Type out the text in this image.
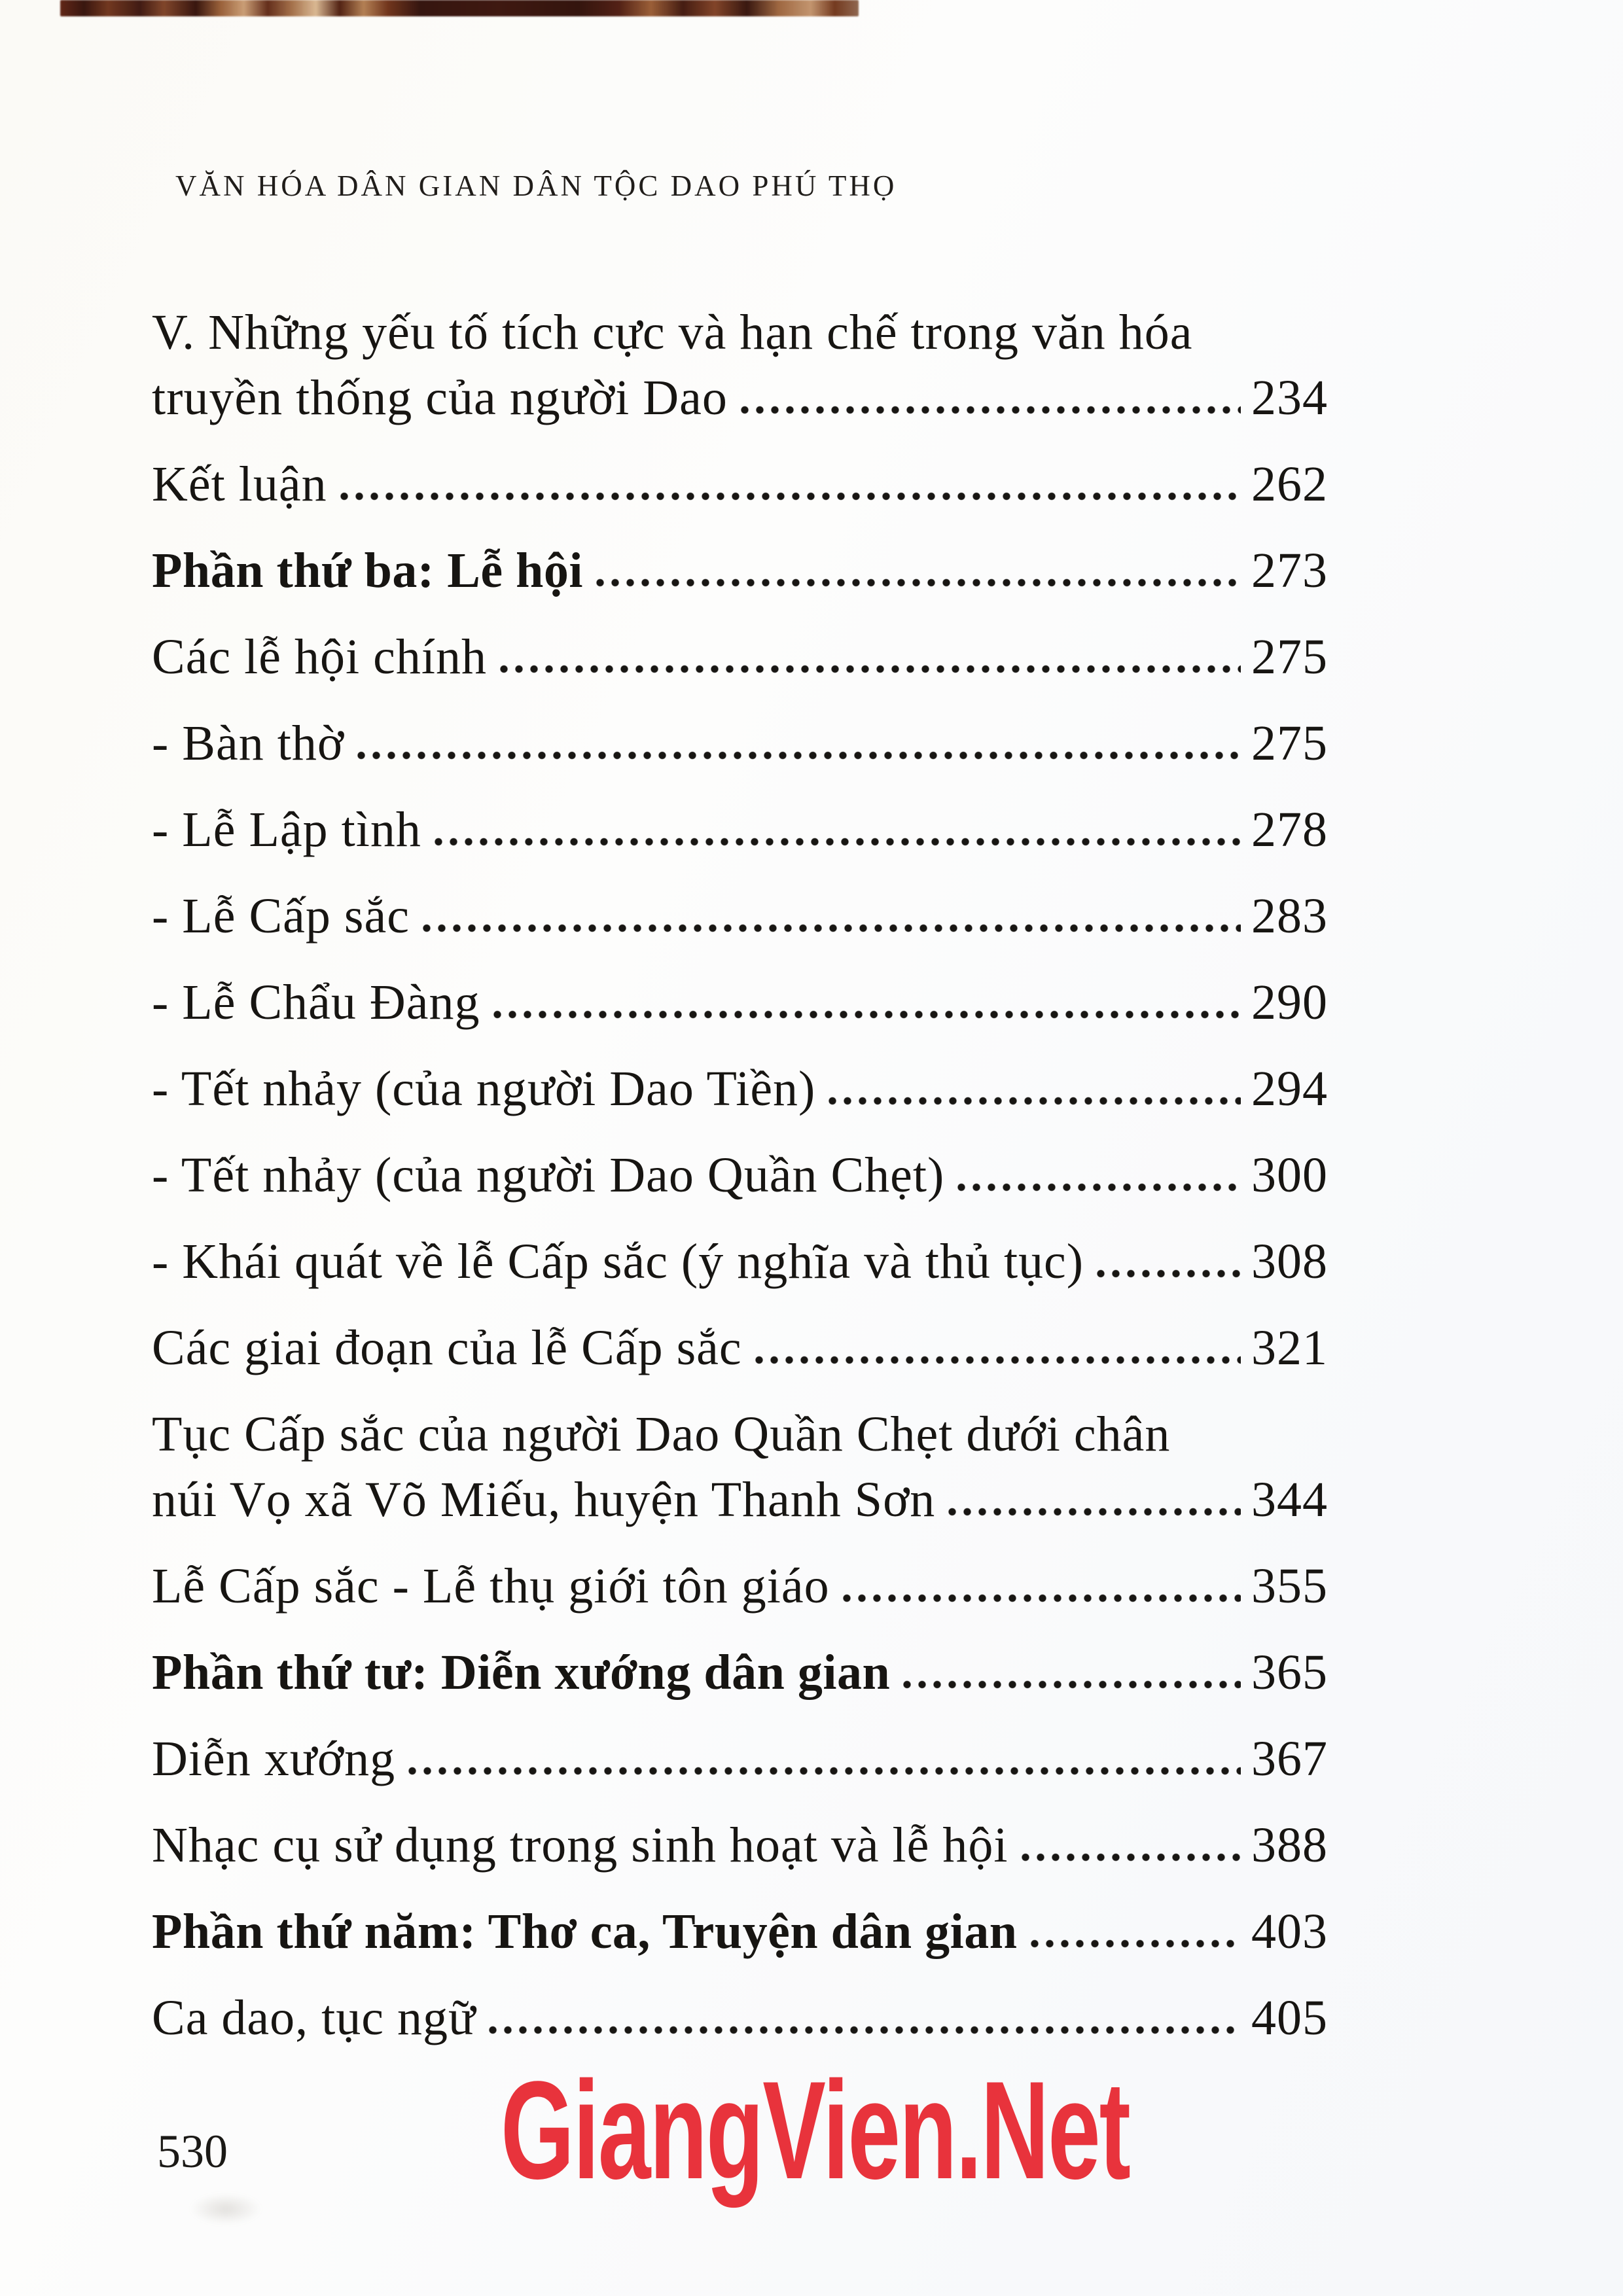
VĂN HÓA DÂN GIAN DÂN TỘC DAO PHÚ THỌ
V. Những yếu tố tích cực và hạn chế trong văn hóa
truyền thống của người Dao	234
Kết luận	262
Phần thứ ba: Lễ hội	273
Các lễ hội chính	275
- Bàn thờ	275
- Lễ Lập tình	278
- Lễ Cấp sắc	283
- Lễ Chẩu Đàng	290
- Tết nhảy (của người Dao Tiền)	294
- Tết nhảy (của người Dao Quần Chẹt)	300
- Khái quát về lễ Cấp sắc (ý nghĩa và thủ tục)	308
Các giai đoạn của lễ Cấp sắc	321
Tục Cấp sắc của người Dao Quần Chẹt dưới chân
núi Vọ xã Võ Miếu, huyện Thanh Sơn	344
Lễ Cấp sắc - Lễ thụ giới tôn giáo	355
Phần thứ tư: Diễn xướng dân gian	365
Diễn xướng	367
Nhạc cụ sử dụng trong sinh hoạt và lễ hội	388
Phần thứ năm: Thơ ca, Truyện dân gian	403
Ca dao, tục ngữ	405
530	GiangVien.Net
